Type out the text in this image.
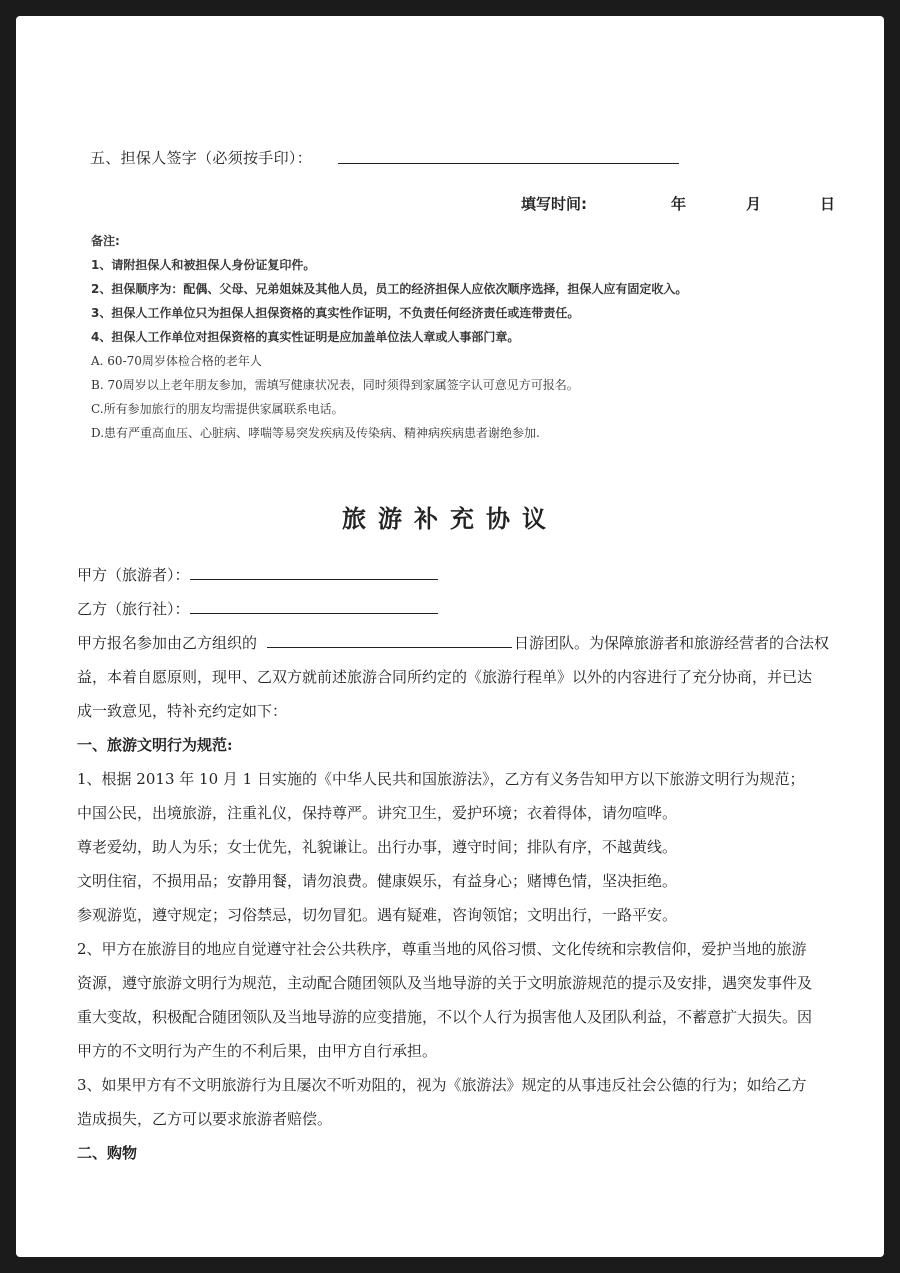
五、担保人签字（必须按手印）：
填写时间:	年	月	日
备注:
1、请附担保人和被担保人身份证复印件。
2、担保顺序为：配偶、父母、兄弟姐妹及其他人员，员工的经济担保人应依次顺序选择，担保人应有固定收入。
3、担保人工作单位只为担保人担保资格的真实性作证明，不负责任何经济责任或连带责任。
4、担保人工作单位对担保资格的真实性证明是应加盖单位法人章或人事部门章。
A. 60-70周岁体检合格的老年人
B. 70周岁以上老年朋友参加，需填写健康状况表，同时须得到家属签字认可意见方可报名。
C.所有参加旅行的朋友均需提供家属联系电话。
D.患有严重高血压、心脏病、哮喘等易突发疾病及传染病、精神病疾病患者谢绝参加.
旅游补充协议
甲方（旅游者）：
乙方（旅行社）：
甲方报名参加由乙方组织的	日游团队。为保障旅游者和旅游经营者的合法权
益，本着自愿原则，现甲、乙双方就前述旅游合同所约定的《旅游行程单》以外的内容进行了充分协商，并已达
成一致意见，特补充约定如下：
一、旅游文明行为规范:
1、根据 2013 年 10 月 1 日实施的《中华人民共和国旅游法》，乙方有义务告知甲方以下旅游文明行为规范；
中国公民，出境旅游，注重礼仪，保持尊严。讲究卫生，爱护环境；衣着得体，请勿喧哗。
尊老爱幼，助人为乐；女士优先，礼貌谦让。出行办事，遵守时间；排队有序，不越黄线。
文明住宿，不损用品；安静用餐，请勿浪费。健康娱乐，有益身心；赌博色情，坚决拒绝。
参观游览，遵守规定；习俗禁忌，切勿冒犯。遇有疑难，咨询领馆；文明出行，一路平安。
2、甲方在旅游目的地应自觉遵守社会公共秩序，尊重当地的风俗习惯、文化传统和宗教信仰，爱护当地的旅游
资源，遵守旅游文明行为规范，主动配合随团领队及当地导游的关于文明旅游规范的提示及安排，遇突发事件及
重大变故，积极配合随团领队及当地导游的应变措施，不以个人行为损害他人及团队利益，不蓄意扩大损失。因
甲方的不文明行为产生的不利后果，由甲方自行承担。
3、如果甲方有不文明旅游行为且屡次不听劝阻的，视为《旅游法》规定的从事违反社会公德的行为；如给乙方
造成损失，乙方可以要求旅游者赔偿。
二、购物
